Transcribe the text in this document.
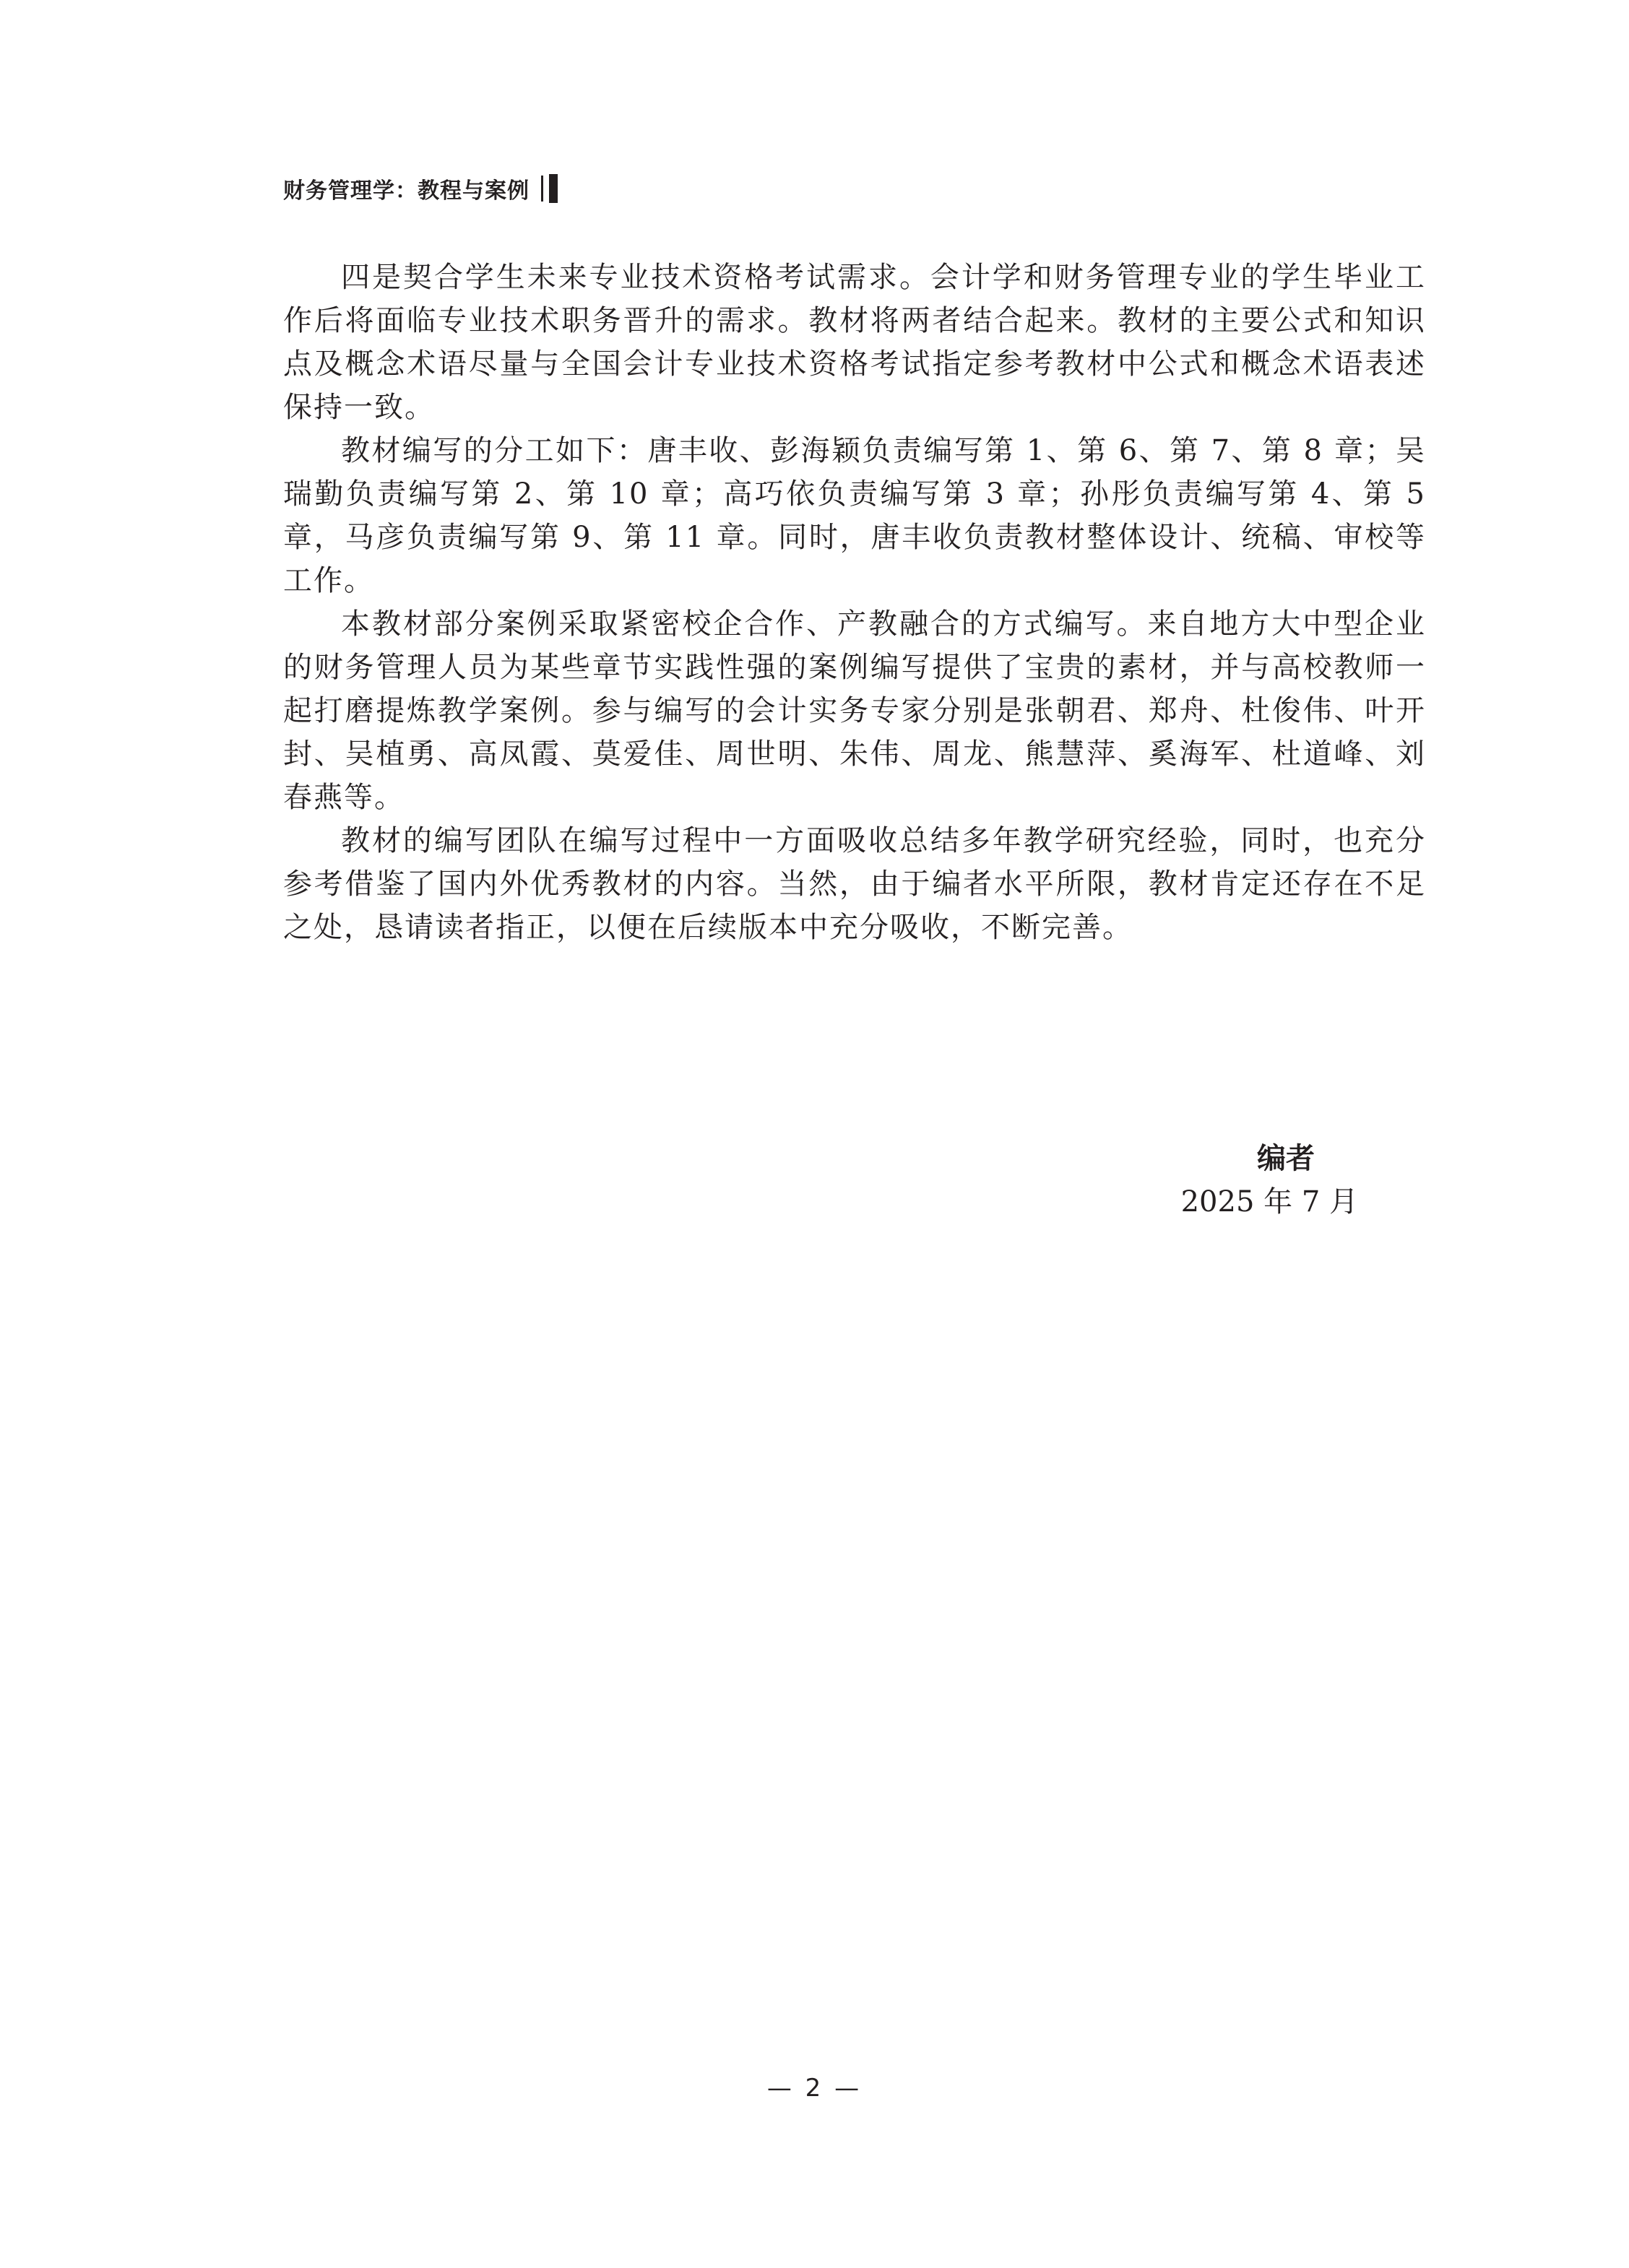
财务管理学：教程与案例

四是契合学生未来专业技术资格考试需求。会计学和财务管理专业的学生毕业工作后将面临专业技术职务晋升的需求。教材将两者结合起来。教材的主要公式和知识点及概念术语尽量与全国会计专业技术资格考试指定参考教材中公式和概念术语表述保持一致。

教材编写的分工如下：唐丰收、彭海颖负责编写第 1、第 6、第 7、第 8 章；吴瑞勤负责编写第 2、第 10 章；高巧依负责编写第 3 章；孙彤负责编写第 4、第 5 章，马彦负责编写第 9、第 11 章。同时，唐丰收负责教材整体设计、统稿、审校等工作。

本教材部分案例采取紧密校企合作、产教融合的方式编写。来自地方大中型企业的财务管理人员为某些章节实践性强的案例编写提供了宝贵的素材，并与高校教师一起打磨提炼教学案例。参与编写的会计实务专家分别是张朝君、郑舟、杜俊伟、叶开封、吴植勇、高凤霞、莫爱佳、周世明、朱伟、周龙、熊慧萍、奚海军、杜道峰、刘春燕等。

教材的编写团队在编写过程中一方面吸收总结多年教学研究经验，同时，也充分参考借鉴了国内外优秀教材的内容。当然，由于编者水平所限，教材肯定还存在不足之处，恳请读者指正，以便在后续版本中充分吸收，不断完善。

编者
2025 年 7 月
— 2 —
